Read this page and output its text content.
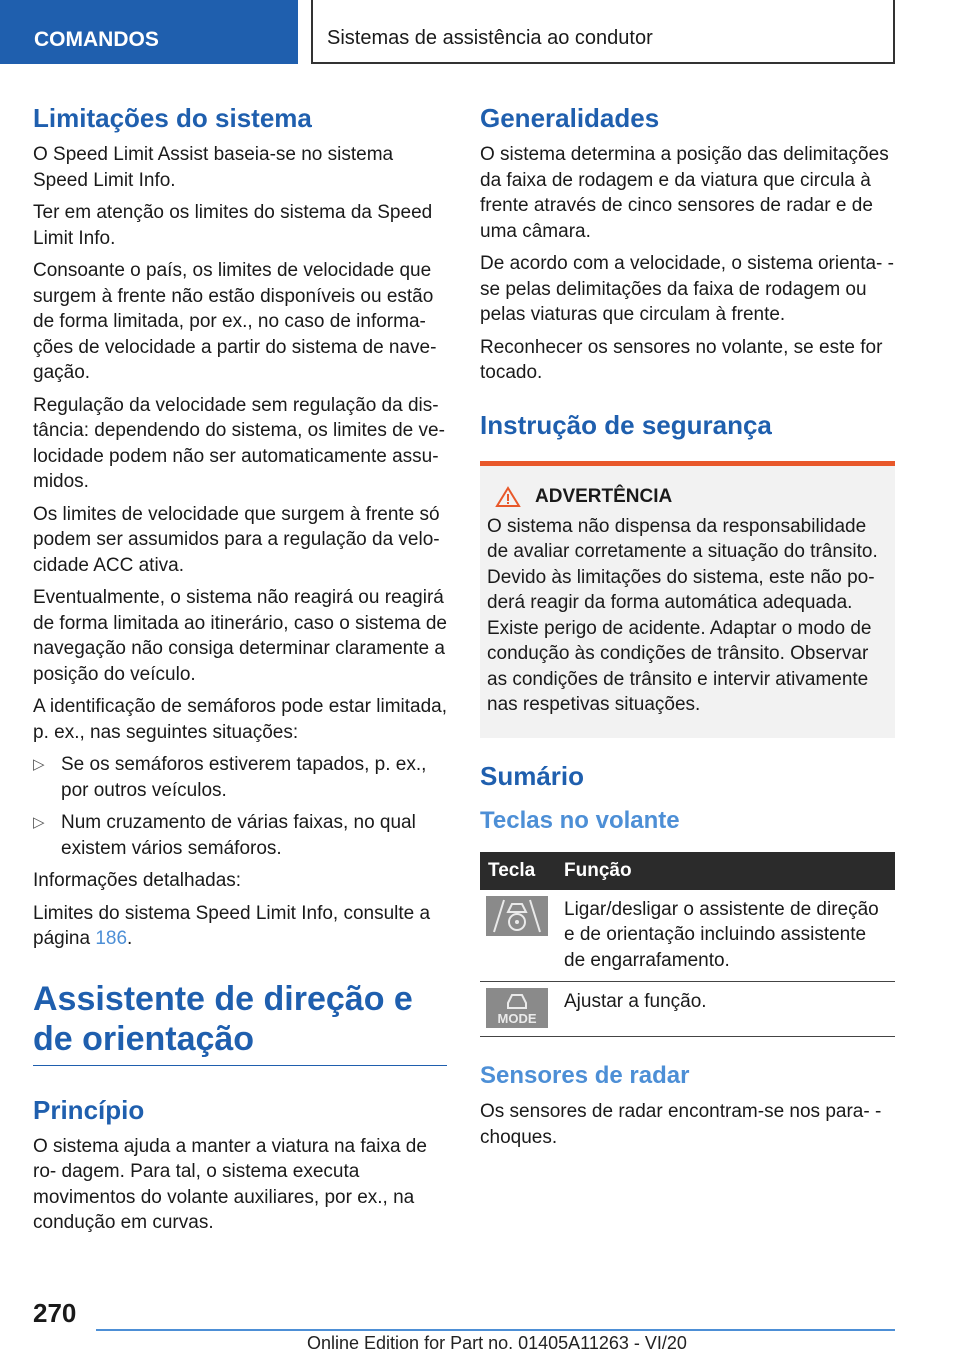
COMANDOS	Sistemas de assistência ao condutor
Limitações do sistema

O Speed Limit Assist baseia-se no sistema Speed Limit Info.

Ter em atenção os limites do sistema da Speed Limit Info.

Consoante o país, os limites de velocidade que surgem à frente não estão disponíveis ou estão de forma limitada, por ex., no caso de informa- ções de velocidade a partir do sistema de nave- gação.

Regulação da velocidade sem regulação da dis- tância: dependendo do sistema, os limites de ve- locidade podem não ser automaticamente assu- midos.

Os limites de velocidade que surgem à frente só podem ser assumidos para a regulação da velo- cidade ACC ativa.

Eventualmente, o sistema não reagirá ou reagirá de forma limitada ao itinerário, caso o sistema de navegação não consiga determinar claramente a posição do veículo.

A identificação de semáforos pode estar limitada, p. ex., nas seguintes situações:

▷ Se os semáforos estiverem tapados, p. ex., por outros veículos.
▷ Num cruzamento de várias faixas, no qual existem vários semáforos.

Informações detalhadas:

Limites do sistema Speed Limit Info, consulte a página 186.

Assistente de direção e de orientação
Princípio

O sistema ajuda a manter a viatura na faixa de ro- dagem. Para tal, o sistema executa movimentos do volante auxiliares, por ex., na condução em curvas.

Generalidades

O sistema determina a posição das delimitações da faixa de rodagem e da viatura que circula à frente através de cinco sensores de radar e de uma câmara.

De acordo com a velocidade, o sistema orienta- -se pelas delimitações da faixa de rodagem ou pelas viaturas que circulam à frente.

Reconhecer os sensores no volante, se este for tocado.

Instrução de segurança
ADVERTÊNCIA

O sistema não dispensa da responsabilidade de avaliar corretamente a situação do trânsito. Devido às limitações do sistema, este não po- derá reagir da forma automática adequada. Existe perigo de acidente. Adaptar o modo de condução às condições de trânsito. Observar as condições de trânsito e intervir ativamente nas respetivas situações.

Sumário
Teclas no volante
Tecla	Função

	Ligar/desligar o assistente de direção e de orientação incluindo assistente de engarrafamento.

MODE	Ajustar a função.
Sensores de radar

Os sensores de radar encontram-se nos para- -choques.

270
Online Edition for Part no. 01405A11263 - VI/20
